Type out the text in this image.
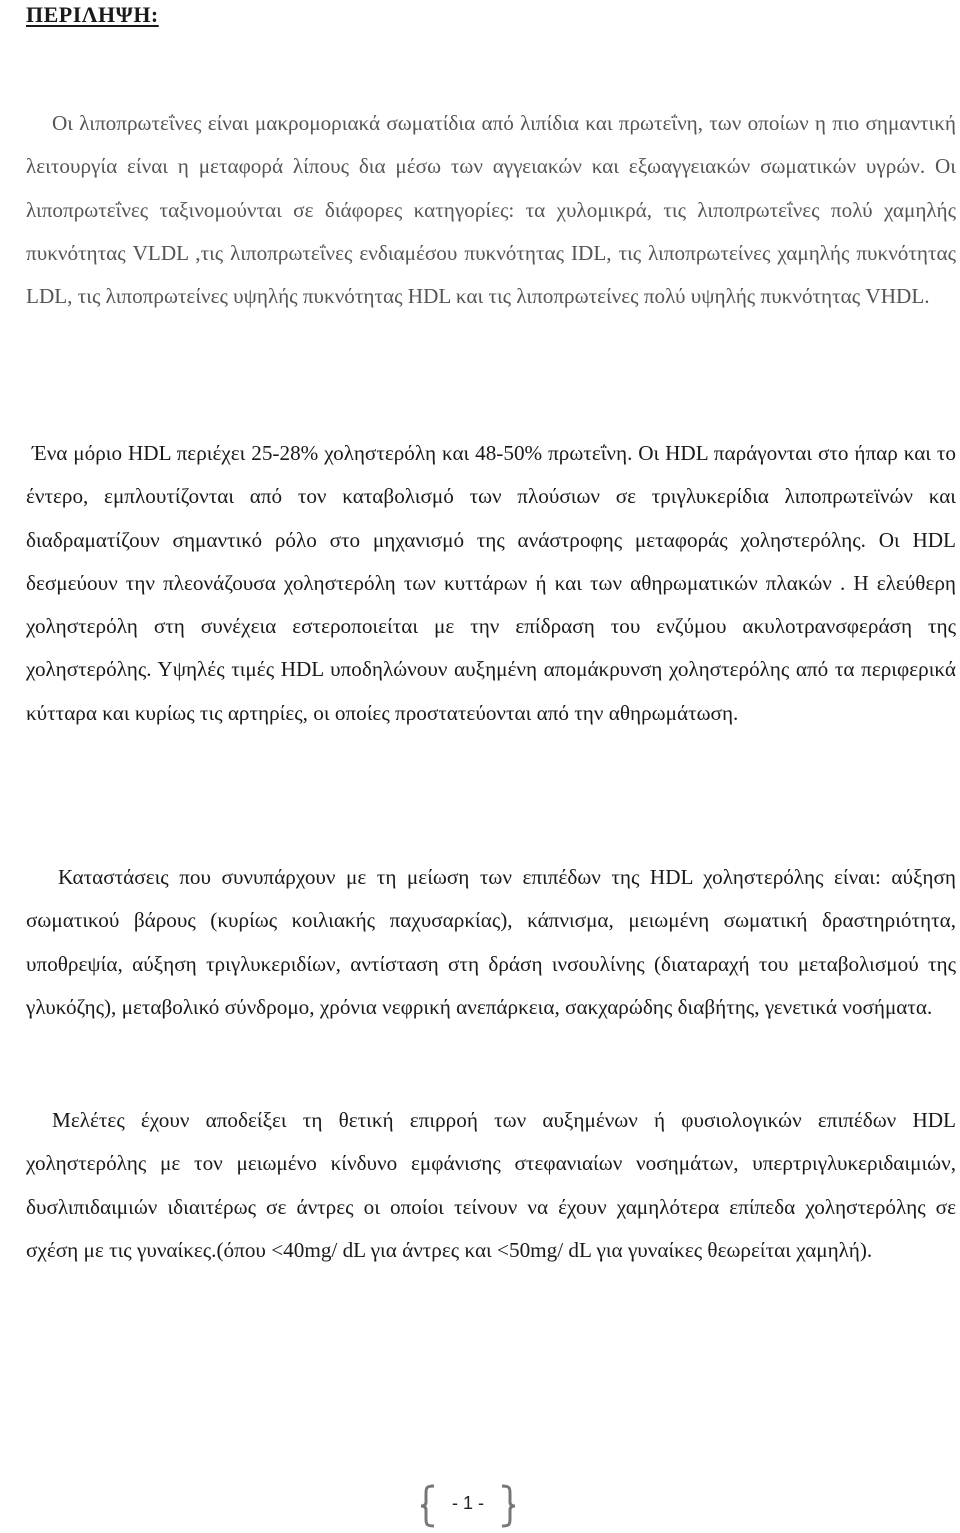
ΠΕΡΙΛΗΨΗ:

Οι λιποπρωτεΐνες είναι μακρομοριακά σωματίδια από λιπίδια και πρωτεΐνη, των οποίων η πιο σημαντική λειτουργία είναι η μεταφορά λίπους δια μέσω των αγγειακών και εξωαγγειακών σωματικών υγρών. Οι λιποπρωτεΐνες ταξινομούνται σε διάφορες κατηγορίες: τα χυλομικρά, τις λιποπρωτεΐνες πολύ χαμηλής πυκνότητας VLDL ,τις λιποπρωτεΐνες ενδιαμέσου πυκνότητας IDL, τις λιποπρωτείνες χαμηλής πυκνότητας LDL, τις λιποπρωτείνες υψηλής πυκνότητας HDL και τις λιποπρωτείνες πολύ υψηλής πυκνότητας VHDL.

Ένα μόριο HDL περιέχει 25-28% χοληστερόλη και 48-50% πρωτεΐνη. Οι HDL παράγονται στο ήπαρ και το έντερο, εμπλουτίζονται από τον καταβολισμό των πλούσιων σε τριγλυκερίδια λιποπρωτεϊνών και διαδραματίζουν σημαντικό ρόλο στο μηχανισμό της ανάστροφης μεταφοράς χοληστερόλης. Οι HDL δεσμεύουν την πλεονάζουσα χοληστερόλη των κυττάρων ή και των αθηρωματικών πλακών . Η ελεύθερη χοληστερόλη στη συνέχεια εστεροποιείται με την επίδραση του ενζύμου ακυλοτρανσφεράση της χοληστερόλης. Υψηλές τιμές HDL υποδηλώνουν αυξημένη απομάκρυνση χοληστερόλης από τα περιφερικά κύτταρα και κυρίως τις αρτηρίες, οι οποίες προστατεύονται από την αθηρωμάτωση.

Καταστάσεις που συνυπάρχουν με τη μείωση των επιπέδων της HDL χοληστερόλης είναι: αύξηση σωματικού βάρους (κυρίως κοιλιακής παχυσαρκίας), κάπνισμα, μειωμένη σωματική δραστηριότητα, υποθρεψία, αύξηση τριγλυκεριδίων, αντίσταση στη δράση ινσουλίνης (διαταραχή του μεταβολισμού της γλυκόζης), μεταβολικό σύνδρομο, χρόνια νεφρική ανεπάρκεια, σακχαρώδης διαβήτης, γενετικά νοσήματα.

Μελέτες έχουν αποδείξει τη θετική επιρροή των αυξημένων ή φυσιολογικών επιπέδων HDL χοληστερόλης με τον μειωμένο κίνδυνο εμφάνισης στεφανιαίων νοσημάτων, υπερτριγλυκεριδαιμιών, δυσλιπιδαιμιών ιδιαιτέρως σε άντρες οι οποίοι τείνουν να έχουν χαμηλότερα επίπεδα χοληστερόλης σε σχέση με τις γυναίκες.(όπου <40mg/ dL για άντρες και <50mg/ dL για γυναίκες θεωρείται χαμηλή).

- 1 -
